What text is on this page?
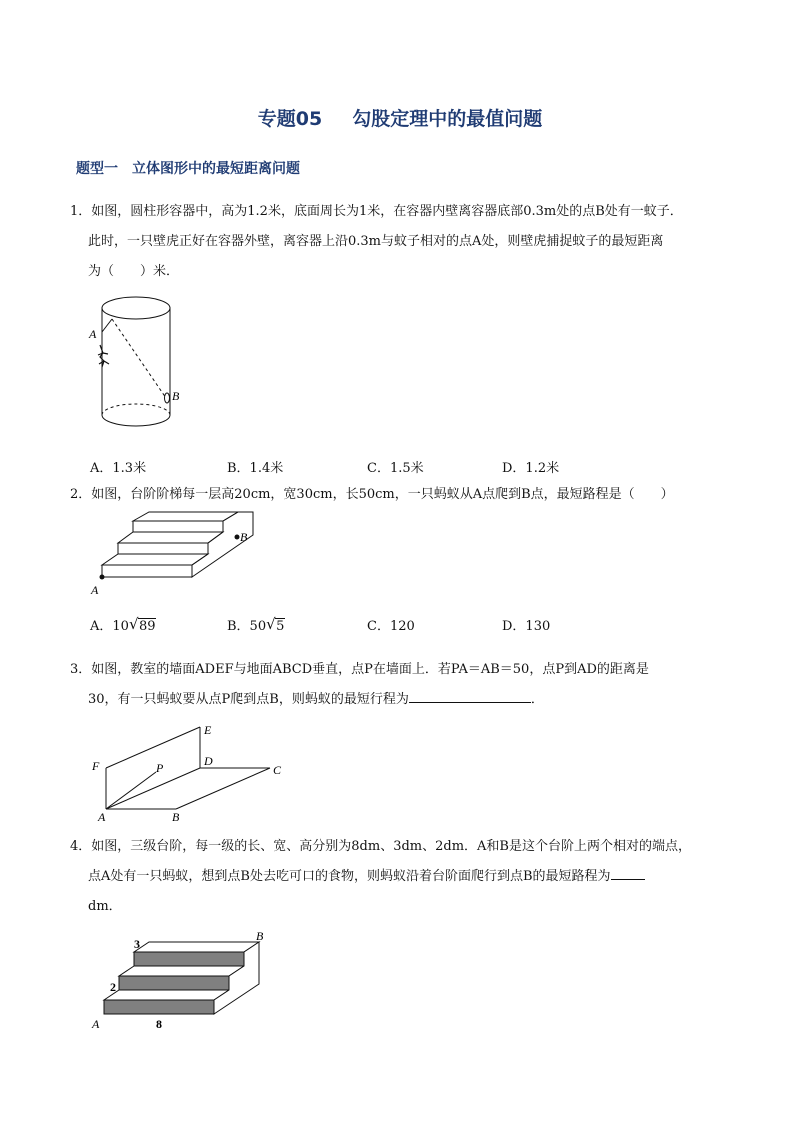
专题05 勾股定理中的最值问题
题型一 立体图形中的最短距离问题
1．如图，圆柱形容器中，高为1.2米，底面周长为1米，在容器内壁离容器底部0.3m处的点B处有一蚊子．
此时，一只壁虎正好在容器外壁，离容器上沿0.3m与蚊子相对的点A处，则壁虎捕捉蚊子的最短距离
为（　　）米．
A
B
A．1.3米	B．1.4米	C．1.5米	D．1.2米
2．如图，台阶阶梯每一层高20cm，宽30cm，长50cm，一只蚂蚁从A点爬到B点，最短路程是（　　）
A
B
A．10 √ 89	B．50 √ 5	C．120	D．130
3．如图，教室的墙面ADEF与地面ABCD垂直，点P在墙面上．若PA＝AB＝50，点P到AD的距离是
30，有一只蚂蚁要从点P爬到点B，则蚂蚁的最短行程为	．
F
E
D
C
P
A	B
4．如图，三级台阶，每一级的长、宽、高分别为8dm、3dm、2dm．A和B是这个台阶上两个相对的端点，
点A处有一只蚂蚁，想到点B处去吃可口的食物，则蚂蚁沿着台阶面爬行到点B的最短路程为
dm．
3
2
8
A
B
